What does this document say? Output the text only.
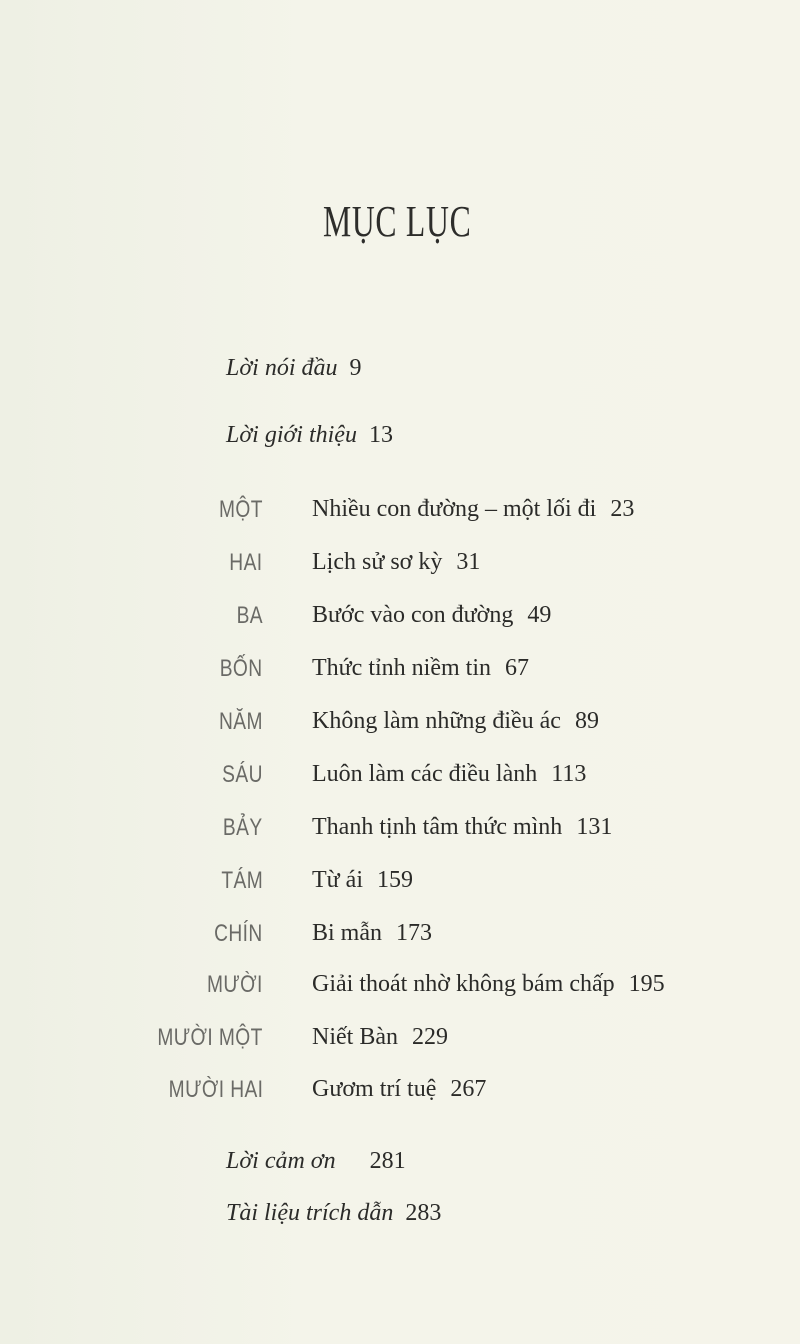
MỤC LỤC
Lời nói đầu 9
Lời giới thiệu 13
MỘT Nhiều con đường – một lối đi 23
HAI Lịch sử sơ kỳ 31
BA Bước vào con đường 49
BỐN Thức tỉnh niềm tin 67
NĂM Không làm những điều ác 89
SÁU Luôn làm các điều lành 113
BẢY Thanh tịnh tâm thức mình 131
TÁM Từ ái 159
CHÍN Bi mẫn 173
MƯỜI Giải thoát nhờ không bám chấp 195
MƯỜI MỘT Niết Bàn 229
MƯỜI HAI Gươm trí tuệ 267
Lời cảm ơn 281
Tài liệu trích dẫn 283
